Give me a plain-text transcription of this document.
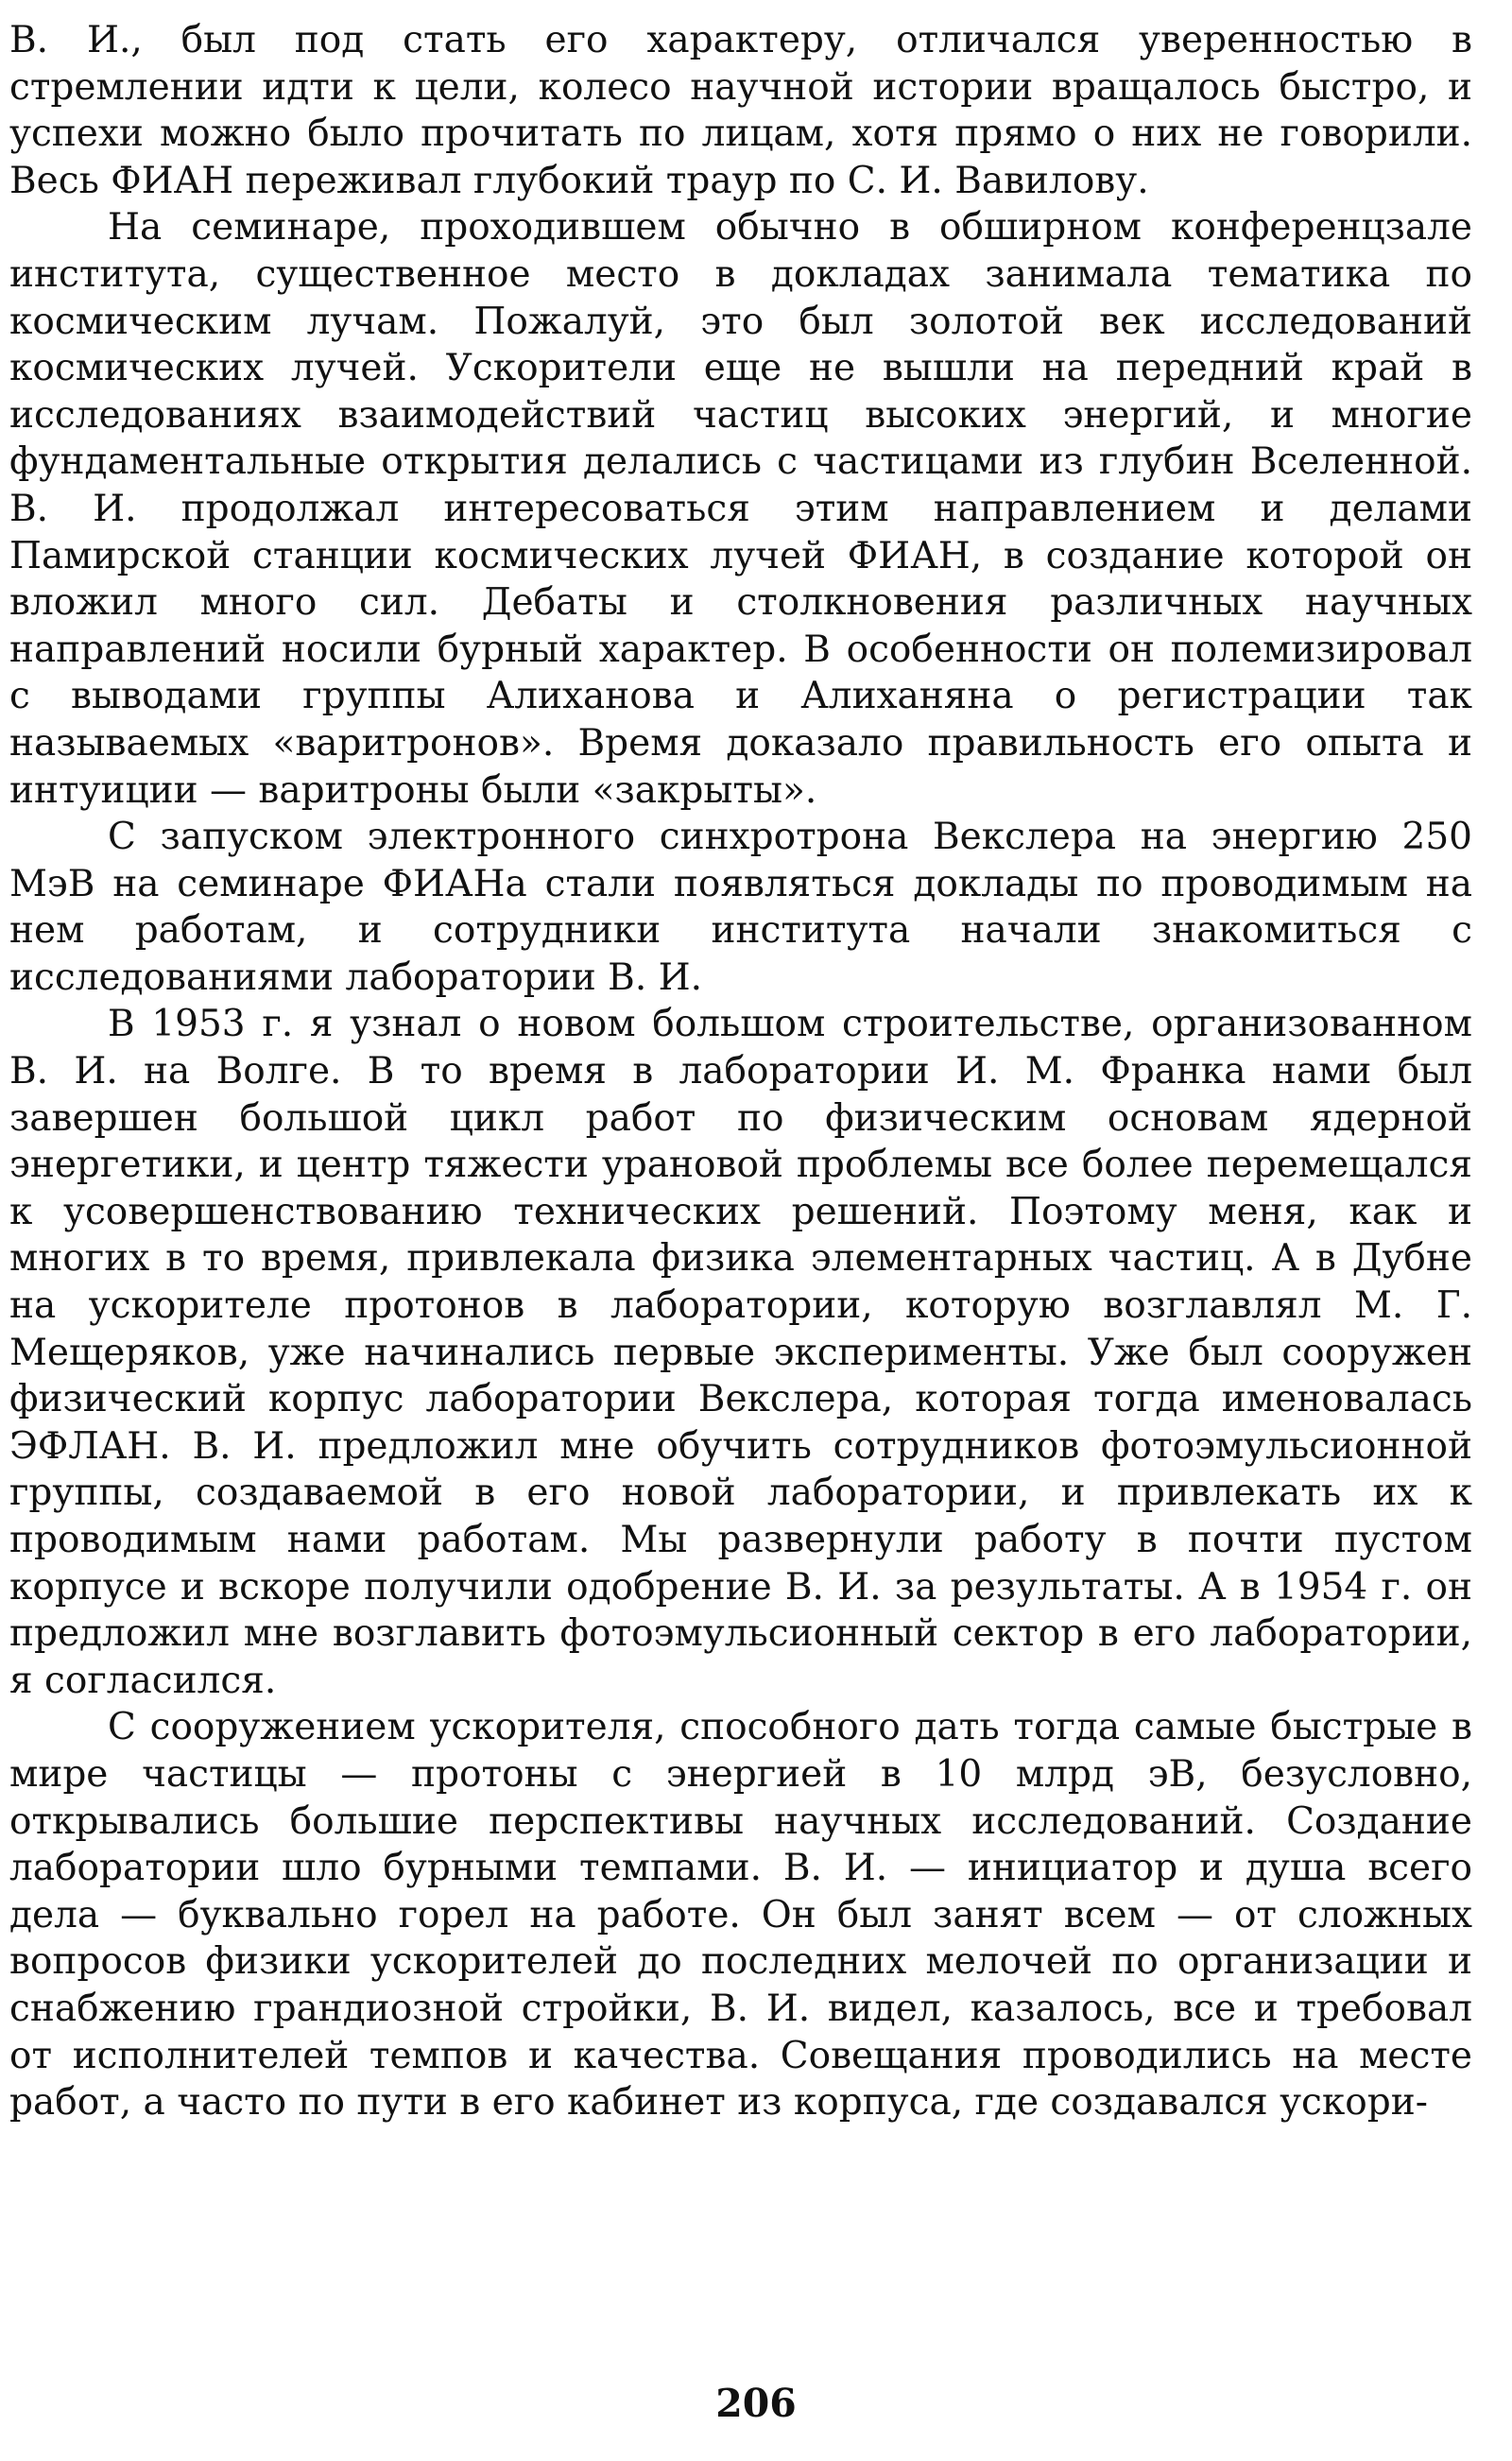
В. И., был под стать его характеру, отличался уверенностью в стремлении идти к цели, колесо научной истории вращалось быстро, и успехи можно было прочитать по лицам, хотя прямо о них не говорили. Весь ФИАН переживал глубокий траур по С. И. Вавилову.

На семинаре, проходившем обычно в обширном конференцзале института, существенное место в докладах занимала тематика по космическим лучам. Пожалуй, это был золотой век исследований космических лучей. Ускорители еще не вышли на передний край в исследованиях взаимодействий частиц высоких энергий, и многие фундаментальные открытия делались с частицами из глубин Вселенной. В. И. продолжал интересоваться этим направлением и делами Памирской станции космических лучей ФИАН, в создание которой он вложил много сил. Дебаты и столкновения различных научных направлений носили бурный характер. В особенности он полемизировал с выводами группы Алиханова и Алиханяна о регистрации так называемых «варитронов». Время доказало правильность его опыта и интуиции — варитроны были «закрыты».

С запуском электронного синхротрона Векслера на энергию 250 МэВ на семинаре ФИАНа стали появляться доклады по проводимым на нем работам, и сотрудники института начали знакомиться с исследованиями лаборатории В. И.

В 1953 г. я узнал о новом большом строительстве, организованном В. И. на Волге. В то время в лаборатории И. М. Франка нами был завершен большой цикл работ по физическим основам ядерной энергетики, и центр тяжести урановой проблемы все более перемещался к усовершенствованию технических решений. Поэтому меня, как и многих в то время, привлекала физика элементарных частиц. А в Дубне на ускорителе протонов в лаборатории, которую возглавлял М. Г. Мещеряков, уже начинались первые эксперименты. Уже был сооружен физический корпус лаборатории Векслера, которая тогда именовалась ЭФЛАН. В. И. предложил мне обучить сотрудников фотоэмульсионной группы, создаваемой в его новой лаборатории, и привлекать их к проводимым нами работам. Мы развернули работу в почти пустом корпусе и вскоре получили одобрение В. И. за результаты. А в 1954 г. он предложил мне возглавить фотоэмульсионный сектор в его лаборатории, я согласился.

С сооружением ускорителя, способного дать тогда самые быстрые в мире частицы — протоны с энергией в 10 млрд эВ, безусловно, открывались большие перспективы научных исследований. Создание лаборатории шло бурными темпами. В. И. — инициатор и душа всего дела — буквально горел на работе. Он был занят всем — от сложных вопросов физики ускорителей до последних мелочей по организации и снабжению грандиозной стройки, В. И. видел, казалось, все и требовал от исполнителей темпов и качества. Совещания проводились на месте работ, а часто по пути в его кабинет из корпуса, где создавался ускори-

206
